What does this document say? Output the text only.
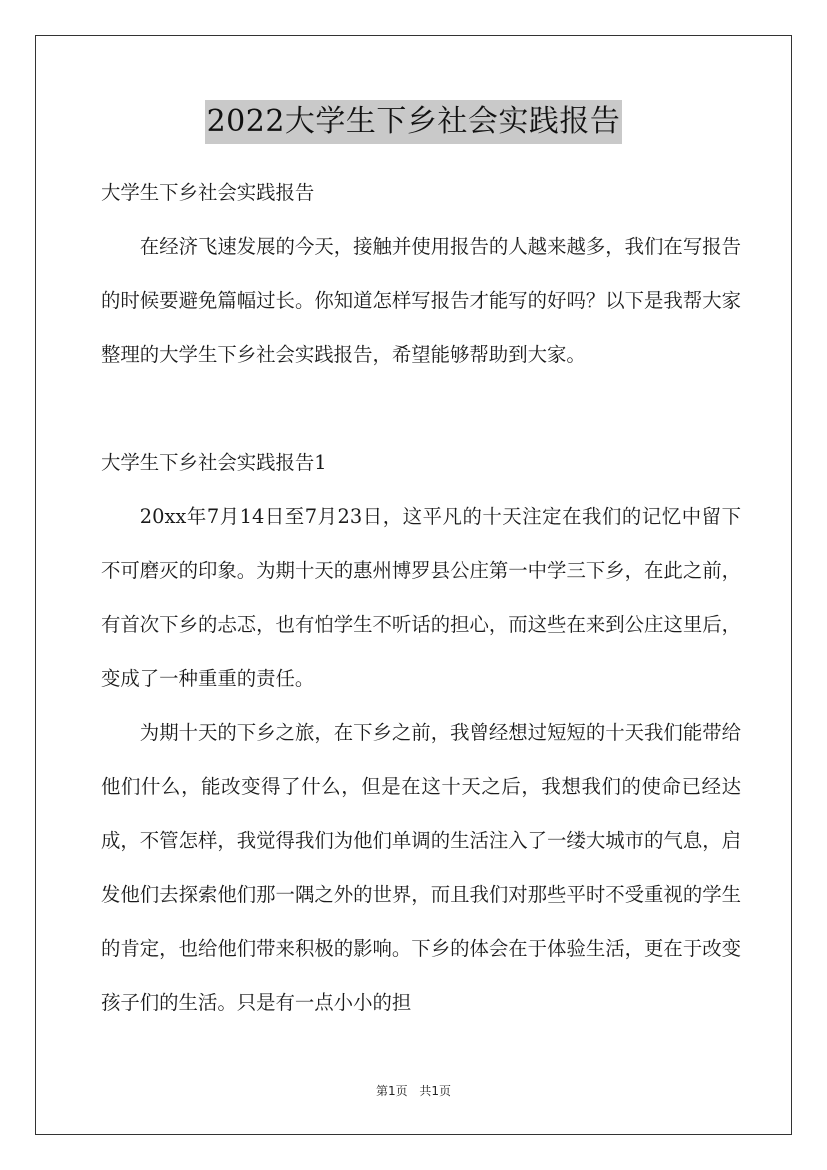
2022大学生下乡社会实践报告

大学生下乡社会实践报告

在经济飞速发展的今天，接触并使用报告的人越来越多，我们在写报告的时候要避免篇幅过长。你知道怎样写报告才能写的好吗？以下是我帮大家整理的大学生下乡社会实践报告，希望能够帮助到大家。

大学生下乡社会实践报告1

20xx年7月14日至7月23日，这平凡的十天注定在我们的记忆中留下不可磨灭的印象。为期十天的惠州博罗县公庄第一中学三下乡，在此之前，有首次下乡的忐忑，也有怕学生不听话的担心，而这些在来到公庄这里后，变成了一种重重的责任。

为期十天的下乡之旅，在下乡之前，我曾经想过短短的十天我们能带给他们什么，能改变得了什么，但是在这十天之后，我想我们的使命已经达成，不管怎样，我觉得我们为他们单调的生活注入了一缕大城市的气息，启发他们去探索他们那一隅之外的世界，而且我们对那些平时不受重视的学生的肯定，也给他们带来积极的影响。下乡的体会在于体验生活，更在于改变孩子们的生活。只是有一点小小的担

第1页 共1页
